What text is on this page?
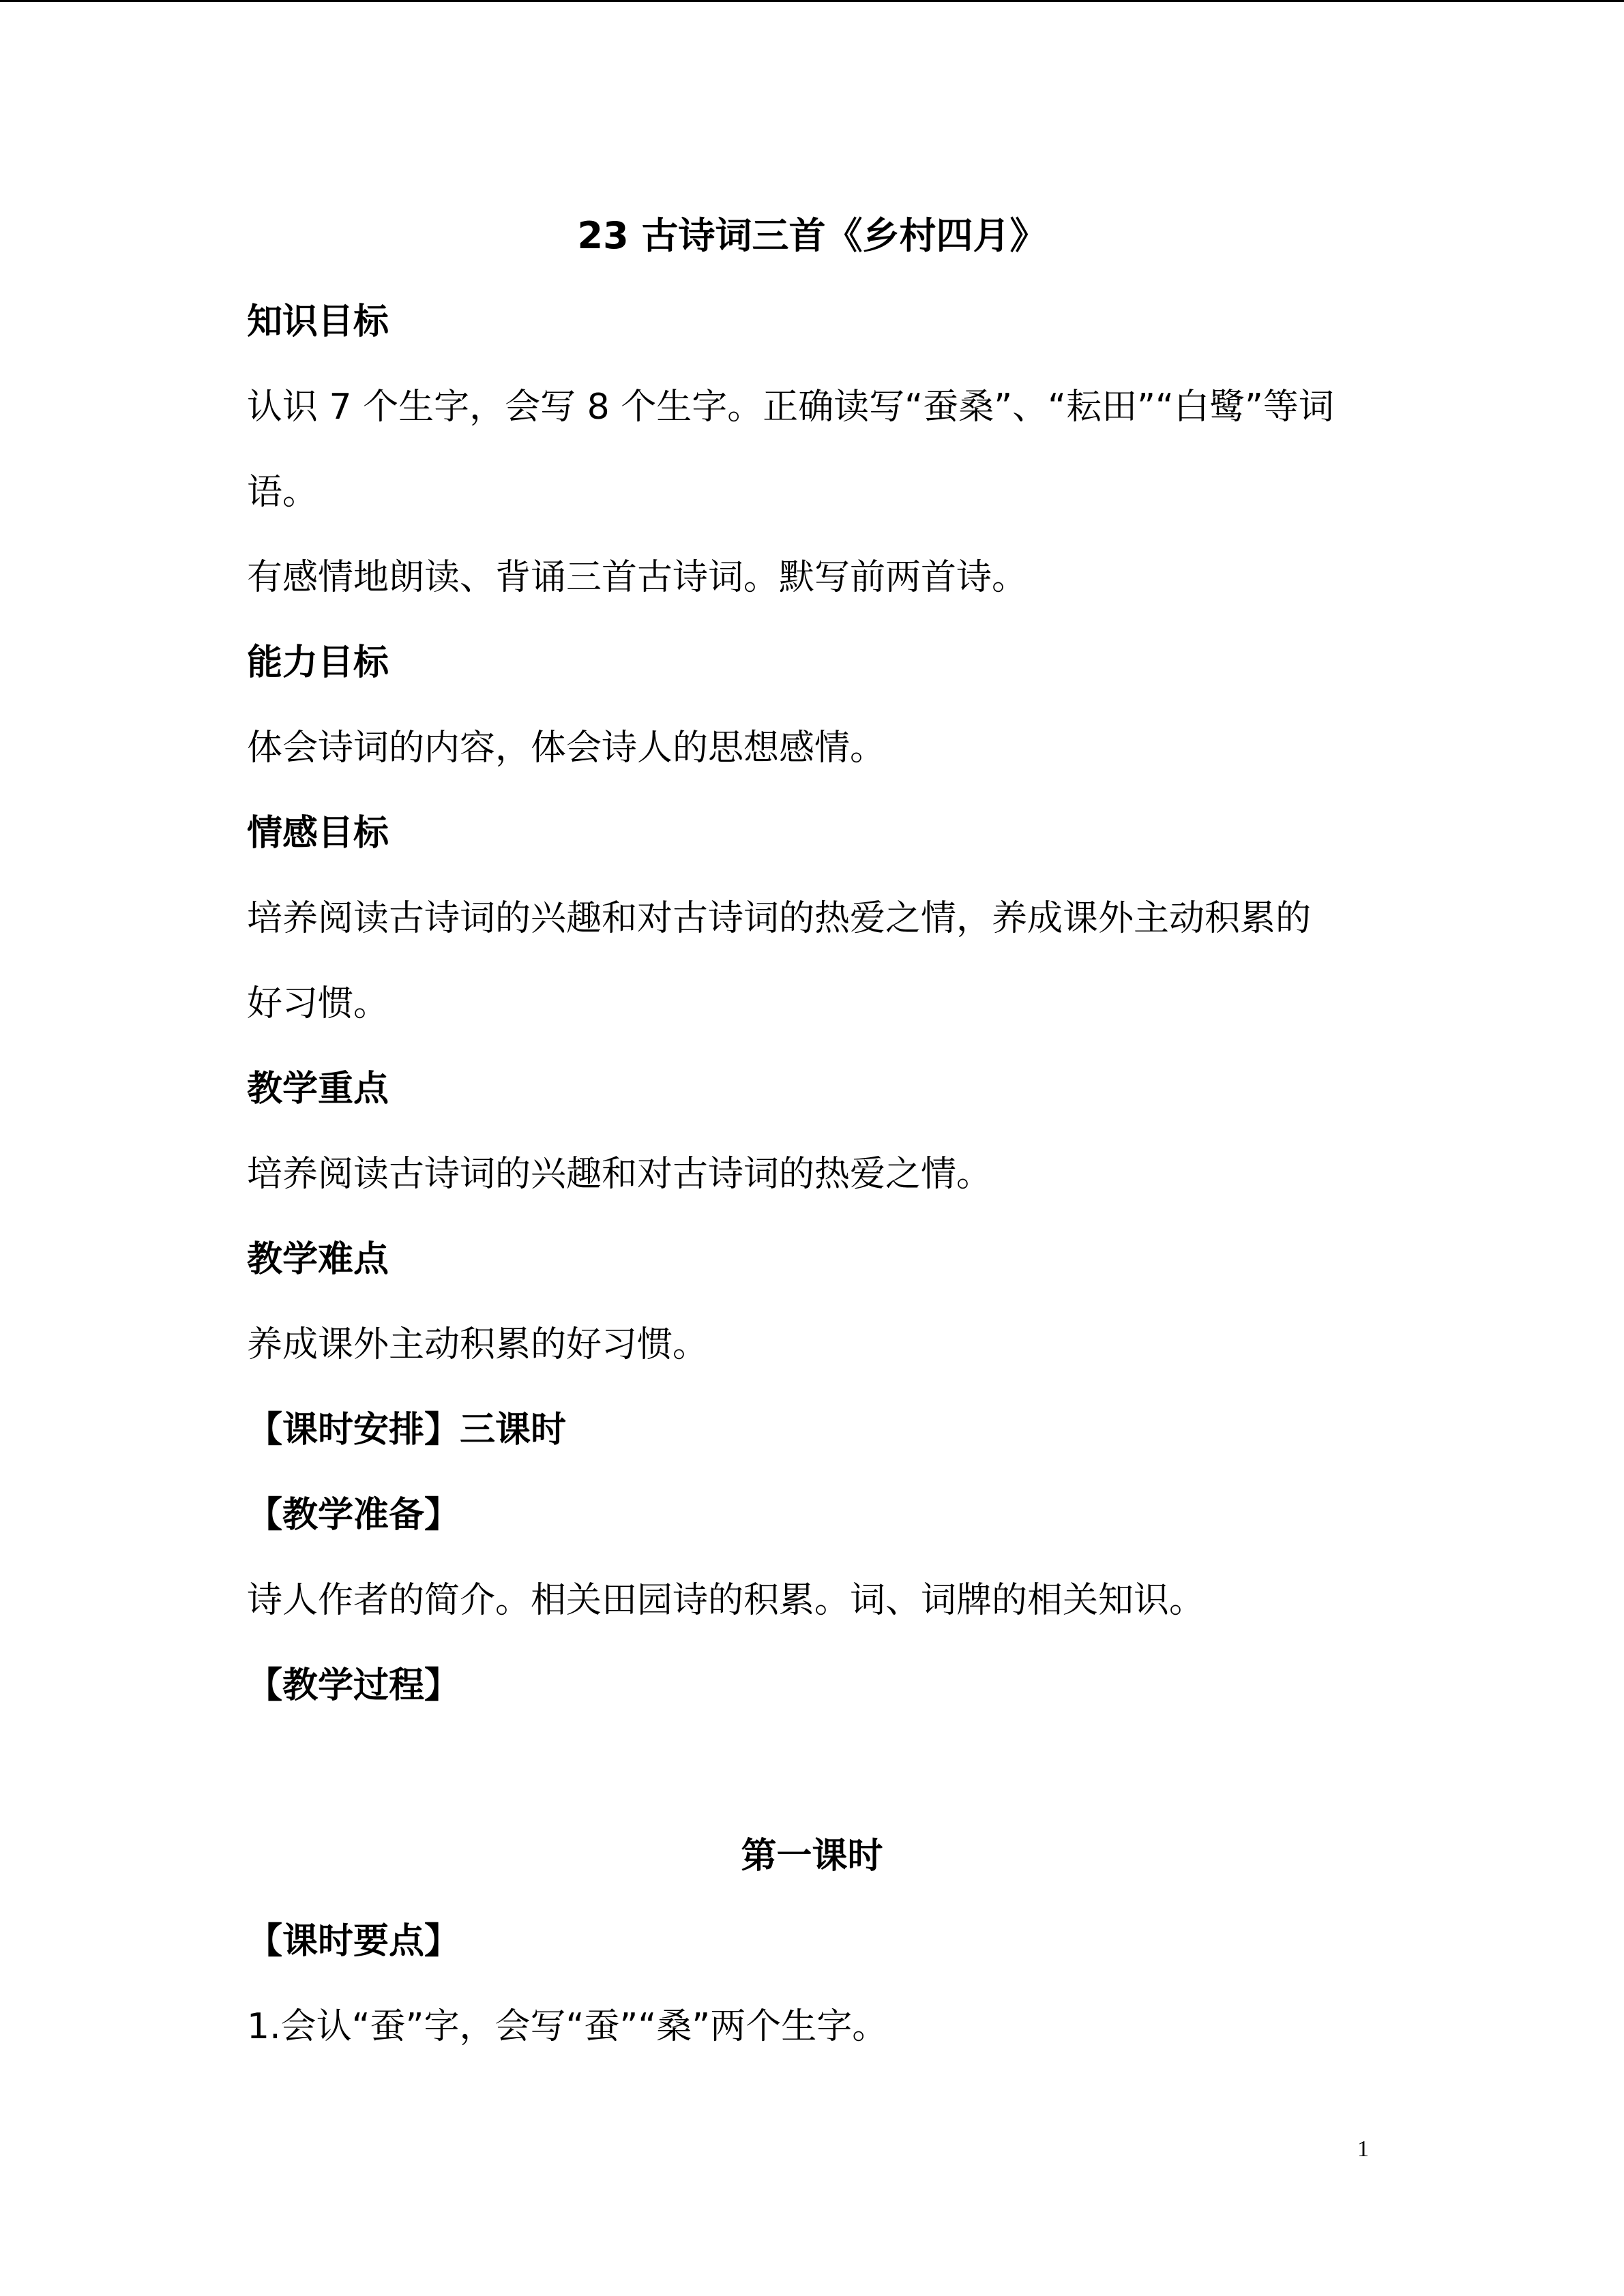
23 古诗词三首《乡村四月》
知识目标
认识 7 个生字，会写 8 个生字。正确读写“蚕桑”、“耘田”“白鹭”等词
语。
有感情地朗读、背诵三首古诗词。默写前两首诗。
能力目标
体会诗词的内容，体会诗人的思想感情。
情感目标
培养阅读古诗词的兴趣和对古诗词的热爱之情，养成课外主动积累的
好习惯。
教学重点
培养阅读古诗词的兴趣和对古诗词的热爱之情。
教学难点
养成课外主动积累的好习惯。
【课时安排】三课时
【教学准备】
诗人作者的简介。相关田园诗的积累。词、词牌的相关知识。
【教学过程】
第一课时
【课时要点】
1.会认“蚕”字，会写“蚕”“桑”两个生字。
1
